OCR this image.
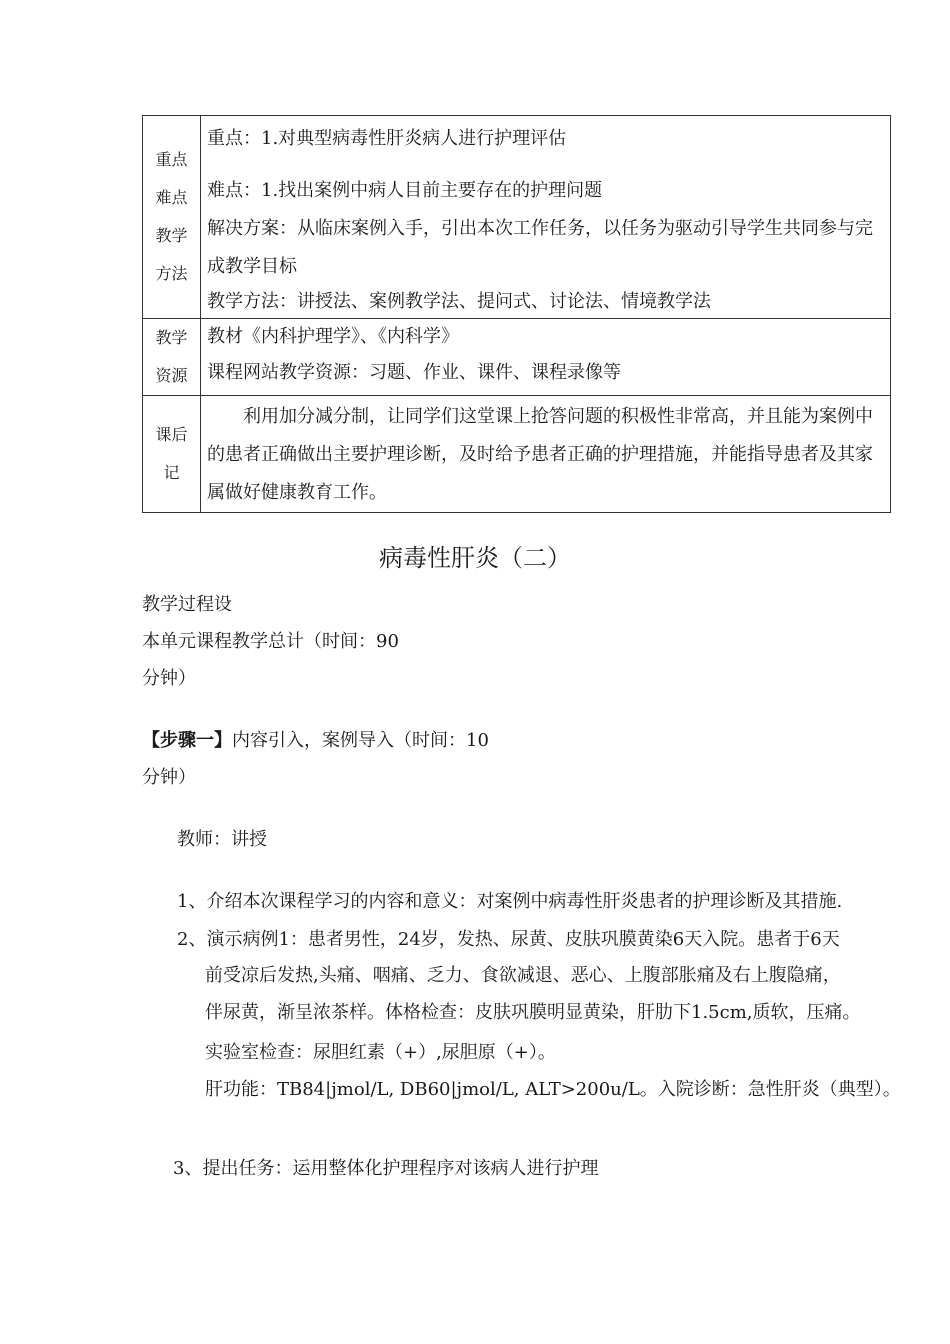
重点
难点
教学
方法	重点：1.对典型病毒性肝炎病人进行护理评估
难点：1.找出案例中病人目前主要存在的护理问题
解决方案：从临床案例入手，引出本次工作任务，以任务为驱动引导学生共同参与完成教学目标
教学方法：讲授法、案例教学法、提问式、讨论法、情境教学法

教学
资源	教材《内科护理学》、《内科学》
课程网站教学资源：习题、作业、课件、课程录像等

课后
记	利用加分减分制，让同学们这堂课上抢答问题的积极性非常高，并且能为案例中的患者正确做出主要护理诊断，及时给予患者正确的护理措施，并能指导患者及其家属做好健康教育工作。
病毒性肝炎（二）
教学过程设
本单元课程教学总计（时间：90
分钟）
【步骤一】内容引入，案例导入（时间：10
分钟）
教师：讲授
1、介绍本次课程学习的内容和意义：对案例中病毒性肝炎患者的护理诊断及其措施.
2、演示病例1：患者男性，24岁，发热、尿黄、皮肤巩膜黄染6天入院。患者于6天
前受凉后发热,头痛、咽痛、乏力、食欲减退、恶心、上腹部胀痛及右上腹隐痛，
伴尿黄，渐呈浓茶样。体格检查：皮肤巩膜明显黄染，肝肋下1.5cm,质软，压痛。
实验室检查：尿胆红素（+）,尿胆原（+）。
肝功能：TB84|jmol/L, DB60|jmol/L, ALT>200u/L。入院诊断：急性肝炎（典型）。
3、提出任务：运用整体化护理程序对该病人进行护理
